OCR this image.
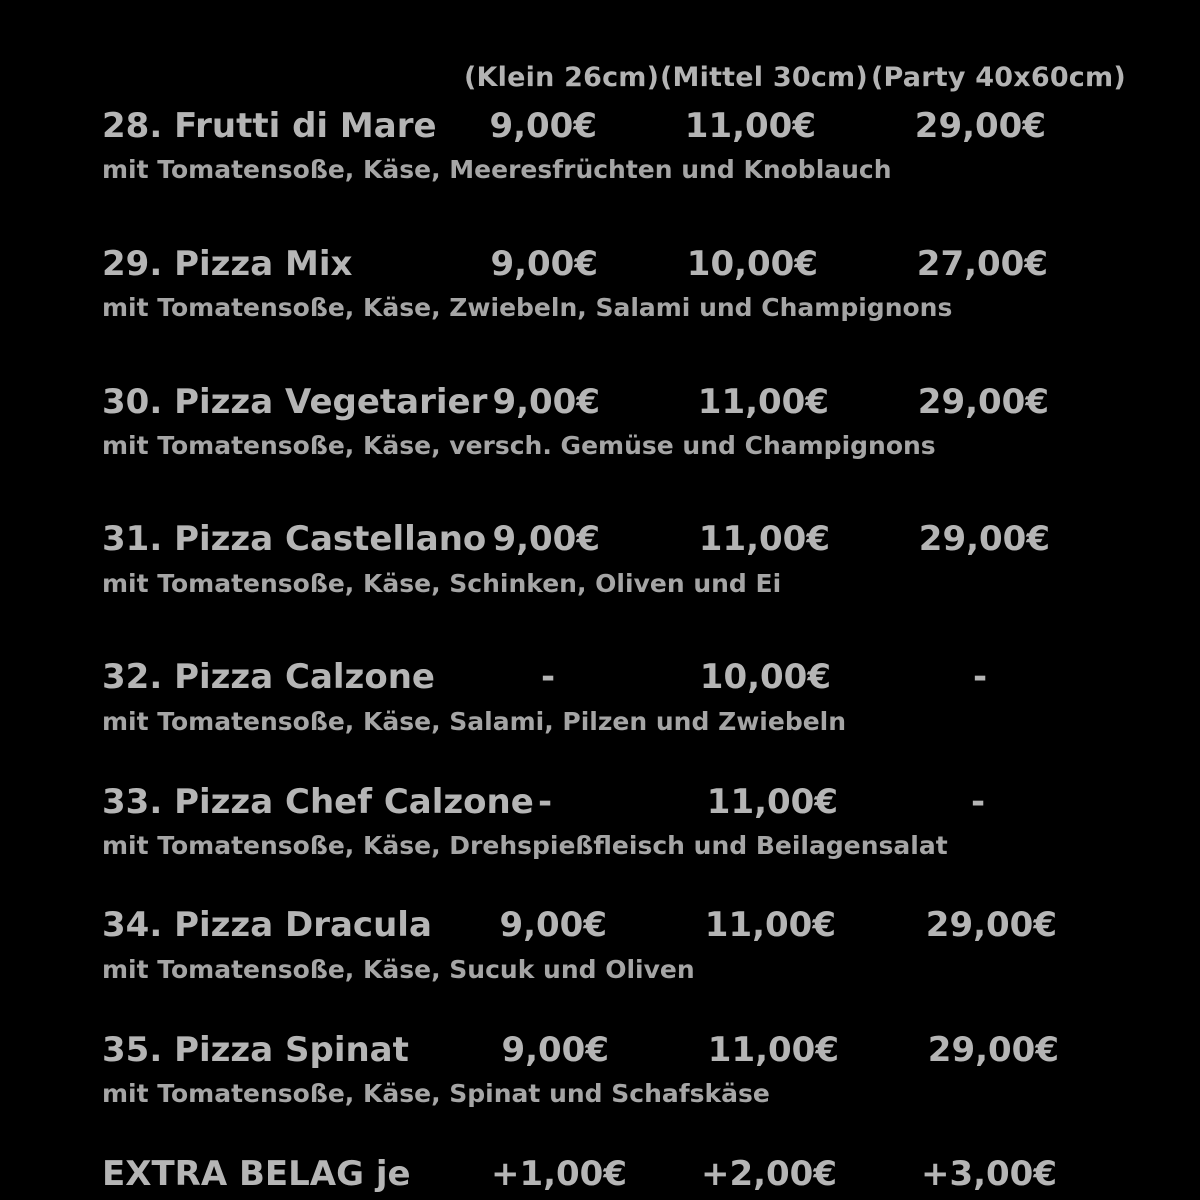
(Klein 26cm) (Mittel 30cm) (Party 40x60cm)
28. Frutti di Mare 9,00€	11,00€	29,00€
mit Tomatensoße, Käse, Meeresfrüchten und Knoblauch
29. Pizza Mix	9,00€	10,00€	27,00€
mit Tomatensoße, Käse, Zwiebeln, Salami und Champignons
30. Pizza Vegetarier 9,00€	11,00€	29,00€
mit Tomatensoße, Käse, versch. Gemüse und Champignons
31. Pizza Castellano 9,00€	11,00€	29,00€
mit Tomatensoße, Käse, Schinken, Oliven und Ei
32. Pizza Calzone	-	10,00€	-
mit Tomatensoße, Käse, Salami, Pilzen und Zwiebeln
33. Pizza Chef Calzone -	11,00€	-
mit Tomatensoße, Käse, Drehspießfleisch und Beilagensalat
34. Pizza Dracula 9,00€	11,00€	29,00€
mit Tomatensoße, Käse, Sucuk und Oliven
35. Pizza Spinat	9,00€	11,00€	29,00€
mit Tomatensoße, Käse, Spinat und Schafskäse
EXTRA BELAG je +1,00€ +2,00€ +3,00€
